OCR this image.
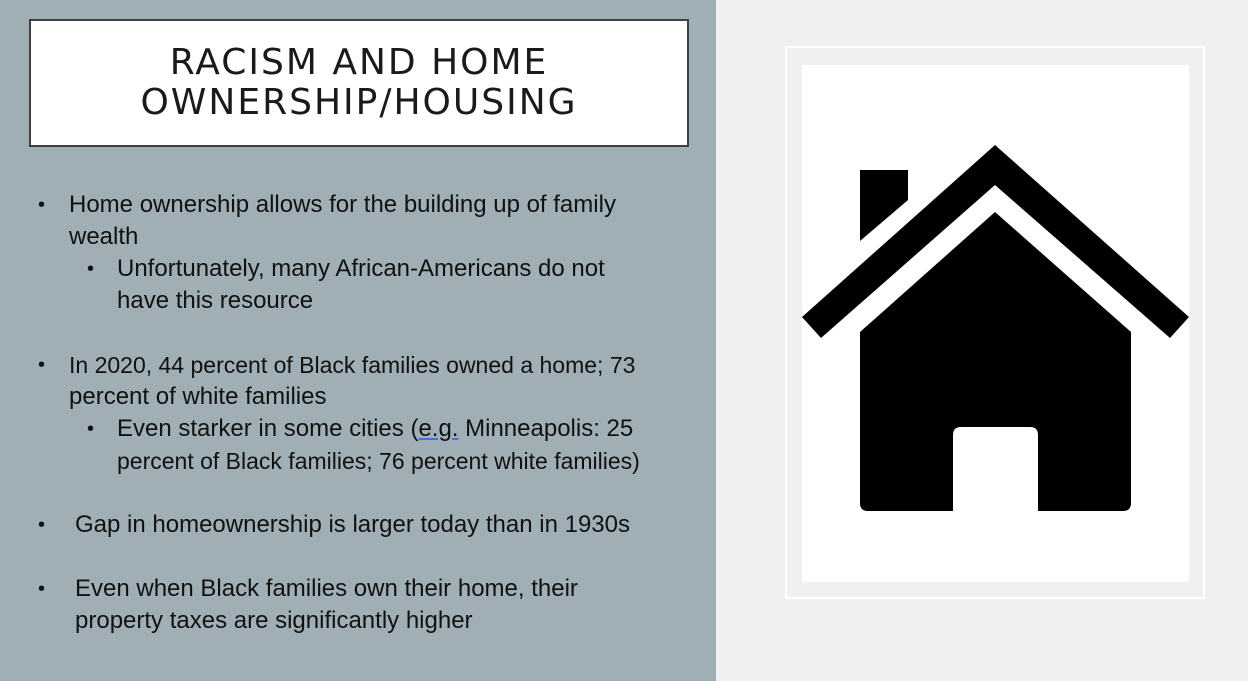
RACISM AND HOME
OWNERSHIP/HOUSING
• Home ownership allows for the building up of family
wealth
• Unfortunately, many African-Americans do not
have this resource
• In 2020, 44 percent of Black families owned a home; 73
percent of white families
• Even starker in some cities (e.g. Minneapolis: 25
percent of Black families; 76 percent white families)
• Gap in homeownership is larger today than in 1930s
• Even when Black families own their home, their
property taxes are significantly higher
